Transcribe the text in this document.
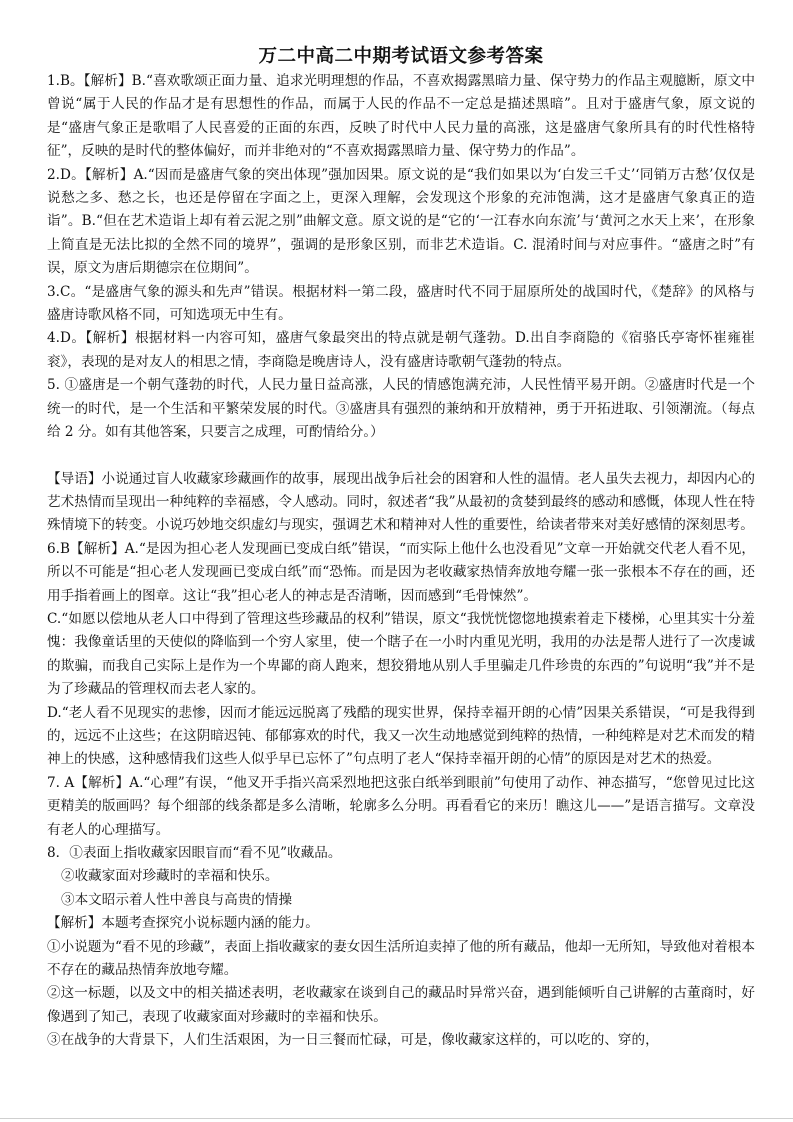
万二中高二中期考试语文参考答案

1.B。【解析】B.“喜欢歌颂正面力量、追求光明理想的作品，不喜欢揭露黑暗力量、保守势力的作品主观臆断，原文中曾说“属于人民的作品才是有思想性的作品，而属于人民的作品不一定总是描述黑暗”。且对于盛唐气象，原文说的是“盛唐气象正是歌唱了人民喜爱的正面的东西，反映了时代中人民力量的高涨，这是盛唐气象所具有的时代性格特征”，反映的是时代的整体偏好，而并非绝对的“不喜欢揭露黑暗力量、保守势力的作品”。

2.D。【解析】A.“因而是盛唐气象的突出体现”强加因果。原文说的是“我们如果以为‘白发三千丈’‘同销万古愁’仅仅是说愁之多、愁之长，也还是停留在字面之上，更深入理解，会发现这个形象的充沛饱满，这才是盛唐气象真正的造诣”。B.“但在艺术造诣上却有着云泥之别”曲解文意。原文说的是“它的‘一江春水向东流’与‘黄河之水天上来’，在形象上简直是无法比拟的全然不同的境界”，强调的是形象区别，而非艺术造诣。C. 混淆时间与对应事件。“盛唐之时”有误，原文为唐后期德宗在位期间”。

3.C。“是盛唐气象的源头和先声”错误。根据材料一第二段，盛唐时代不同于屈原所处的战国时代，《楚辞》的风格与盛唐诗歌风格不同，可知选项无中生有。

4.D。【解析】根据材料一内容可知，盛唐气象最突出的特点就是朝气蓬勃。D.出自李商隐的《宿骆氏亭寄怀崔雍崔衮》，表现的是对友人的相思之情，李商隐是晚唐诗人，没有盛唐诗歌朝气蓬勃的特点。

5. ①盛唐是一个朝气蓬勃的时代，人民力量日益高涨，人民的情感饱满充沛，人民性情平易开朗。②盛唐时代是一个统一的时代，是一个生活和平繁荣发展的时代。③盛唐具有强烈的兼纳和开放精神，勇于开拓进取、引领潮流。（每点给 2 分。如有其他答案，只要言之成理，可酌情给分。）

【导语】小说通过盲人收藏家珍藏画作的故事，展现出战争后社会的困窘和人性的温情。老人虽失去视力，却因内心的艺术热情而呈现出一种纯粹的幸福感，令人感动。同时，叙述者“我”从最初的贪婪到最终的感动和感慨，体现人性在特殊情境下的转变。小说巧妙地交织虚幻与现实，强调艺术和精神对人性的重要性，给读者带来对美好感情的深刻思考。

6.B【解析】A.“是因为担心老人发现画已变成白纸”错误，“而实际上他什么也没看见”文章一开始就交代老人看不见，所以不可能是“担心老人发现画已变成白纸”而“恐怖。而是因为老收藏家热情奔放地夸耀一张一张根本不存在的画，还用手指着画上的图章。这让“我”担心老人的神志是否清晰，因而感到“毛骨悚然”。

C.“如愿以偿地从老人口中得到了管理这些珍藏品的权利”错误，原文“我恍恍惚惚地摸索着走下楼梯，心里其实十分羞愧：我像童话里的天使似的降临到一个穷人家里，使一个瞎子在一小时内重见光明，我用的办法是帮人进行了一次虔诚的欺骗，而我自己实际上是作为一个卑鄙的商人跑来，想狡猾地从别人手里骗走几件珍贵的东西的”句说明“我”并不是为了珍藏品的管理权而去老人家的。

D.“老人看不见现实的悲惨，因而才能远远脱离了残酷的现实世界，保持幸福开朗的心情”因果关系错误，“可是我得到的，远远不止这些；在这阴暗迟钝、郁郁寡欢的时代，我又一次生动地感觉到纯粹的热情，一种纯粹是对艺术而发的精神上的快感，这种感情我们这些人似乎早已忘怀了”句点明了老人“保持幸福开朗的心情”的原因是对艺术的热爱。

7. A【解析】A.“心理”有误，“他叉开手指兴高采烈地把这张白纸举到眼前”句使用了动作、神态描写，“您曾见过比这更精美的版画吗？每个细部的线条都是多么清晰，轮廓多么分明。再看看它的来历！瞧这儿——”是语言描写。文章没有老人的心理描写。

8．①表面上指收藏家因眼盲而“看不见”收藏品。

②收藏家面对珍藏时的幸福和快乐。

③本文昭示着人性中善良与高贵的情操

【解析】本题考查探究小说标题内涵的能力。

①小说题为“看不见的珍藏”，表面上指收藏家的妻女因生活所迫卖掉了他的所有藏品，他却一无所知，导致他对着根本不存在的藏品热情奔放地夸耀。

②这一标题，以及文中的相关描述表明，老收藏家在谈到自己的藏品时异常兴奋，遇到能倾听自己讲解的古董商时，好像遇到了知己，表现了收藏家面对珍藏时的幸福和快乐。

③在战争的大背景下，人们生活艰困，为一日三餐而忙碌，可是，像收藏家这样的，可以吃的、穿的，
